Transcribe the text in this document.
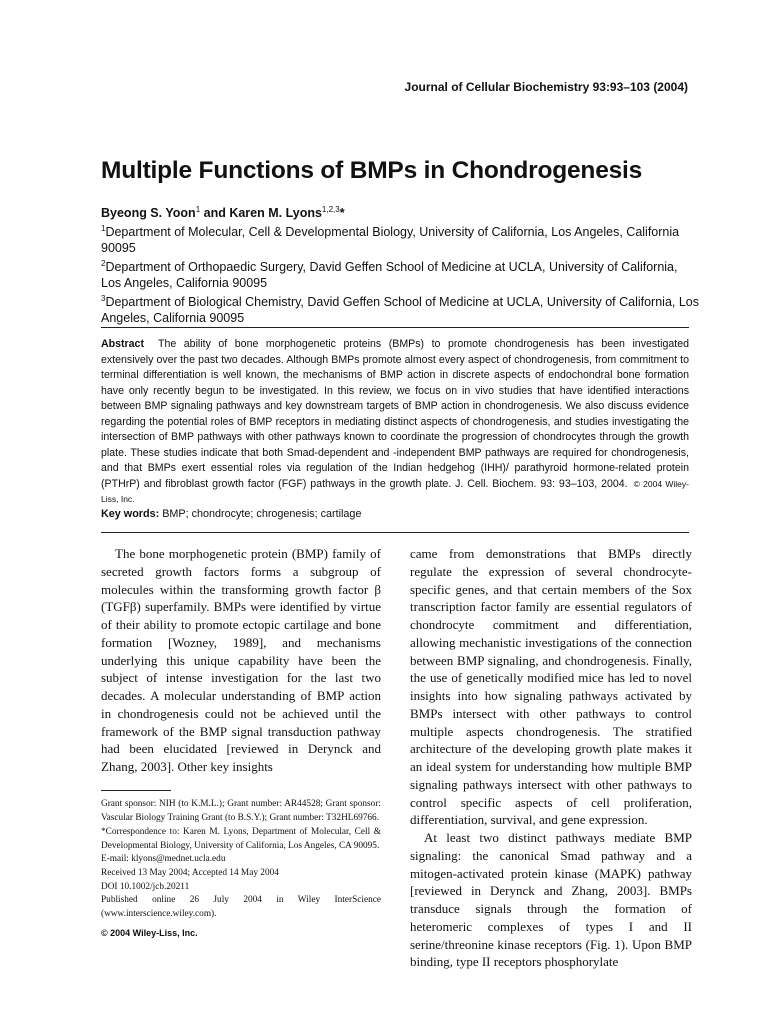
Journal of Cellular Biochemistry 93:93–103 (2004)
Multiple Functions of BMPs in Chondrogenesis
Byeong S. Yoon$^1$ and Karen M. Lyons$^{1,2,3}$*
$^1$Department of Molecular, Cell & Developmental Biology, University of California, Los Angeles, California 90095
$^2$Department of Orthopaedic Surgery, David Geffen School of Medicine at UCLA, University of California, Los Angeles, California 90095
$^3$Department of Biological Chemistry, David Geffen School of Medicine at UCLA, University of California, Los Angeles, California 90095
Abstract The ability of bone morphogenetic proteins (BMPs) to promote chondrogenesis has been investigated extensively over the past two decades. Although BMPs promote almost every aspect of chondrogenesis, from commitment to terminal differentiation is well known, the mechanisms of BMP action in discrete aspects of endochondral bone formation have only recently begun to be investigated. In this review, we focus on in vivo studies that have identified interactions between BMP signaling pathways and key downstream targets of BMP action in chondrogenesis. We also discuss evidence regarding the potential roles of BMP receptors in mediating distinct aspects of chondrogenesis, and studies investigating the intersection of BMP pathways with other pathways known to coordinate the progression of chondrocytes through the growth plate. These studies indicate that both Smad-dependent and -independent BMP pathways are required for chondrogenesis, and that BMPs exert essential roles via regulation of the Indian hedgehog (IHH)/ parathyroid hormone-related protein (PTHrP) and fibroblast growth factor (FGF) pathways in the growth plate. J. Cell. Biochem. 93: 93–103, 2004. © 2004 Wiley-Liss, Inc.
Key words: BMP; chondrocyte; chrogenesis; cartilage

The bone morphogenetic protein (BMP) family of secreted growth factors forms a subgroup of molecules within the transforming growth factor β (TGFβ) superfamily. BMPs were identified by virtue of their ability to promote ectopic cartilage and bone formation [Wozney, 1989], and mechanisms underlying this unique capability have been the subject of intense investigation for the last two decades. A molecular understanding of BMP action in chondrogenesis could not be achieved until the framework of the BMP signal transduction pathway had been elucidated [reviewed in Derynck and Zhang, 2003]. Other key insights

Grant sponsor: NIH (to K.M.L.); Grant number: AR44528; Grant sponsor: Vascular Biology Training Grant (to B.S.Y.); Grant number: T32HL69766.
*Correspondence to: Karen M. Lyons, Department of Molecular, Cell & Developmental Biology, University of California, Los Angeles, CA 90095.
E-mail: klyons@mednet.ucla.edu
Received 13 May 2004; Accepted 14 May 2004
DOI 10.1002/jcb.20211
Published online 26 July 2004 in Wiley InterScience (www.interscience.wiley.com).
© 2004 Wiley-Liss, Inc.

came from demonstrations that BMPs directly regulate the expression of several chondrocyte-specific genes, and that certain members of the Sox transcription factor family are essential regulators of chondrocyte commitment and differentiation, allowing mechanistic investigations of the connection between BMP signaling, and chondrogenesis. Finally, the use of genetically modified mice has led to novel insights into how signaling pathways activated by BMPs intersect with other pathways to control multiple aspects chondrogenesis. The stratified architecture of the developing growth plate makes it an ideal system for understanding how multiple BMP signaling pathways intersect with other pathways to control specific aspects of cell proliferation, differentiation, survival, and gene expression.

At least two distinct pathways mediate BMP signaling: the canonical Smad pathway and a mitogen-activated protein kinase (MAPK) pathway [reviewed in Derynck and Zhang, 2003]. BMPs transduce signals through the formation of heteromeric complexes of types I and II serine/threonine kinase receptors (Fig. 1). Upon BMP binding, type II receptors phosphorylate
